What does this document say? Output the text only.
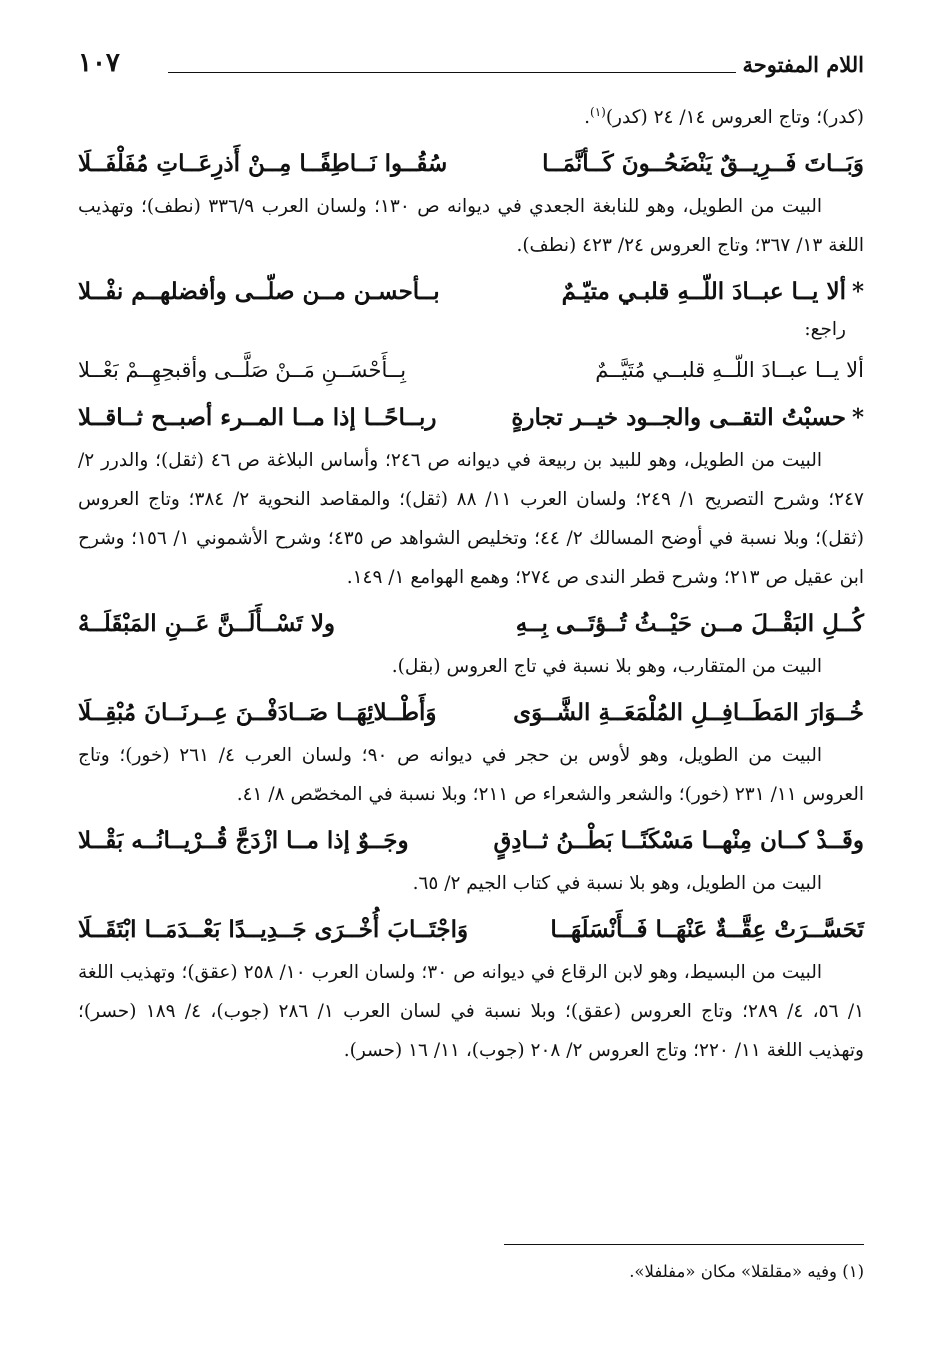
اللام المفتوحة
١٠٧

(كدر)؛ وتاج العروس ١٤/ ٢٤ (كدر)$^{(١)}$.

وَبَــاتَ فَــرِيــقٌ يَنْضَحُــونَ كَــأنَّمَــا
سُقُــوا نَــاطِفًــا مِــنْ أَذرِعَــاتِ مُفَلْفَــلَا

البيت من الطويل، وهو للنابغة الجعدي في ديوانه ص ١٣٠؛ ولسان العرب ٣٣٦/٩ (نطف)؛ وتهذيب اللغة ١٣/ ٣٦٧؛ وتاج العروس ٢٤/ ٤٢٣ (نطف).

*ألا يــا عبــادَ اللّــهِ قلبـي متيّـمٌ
بــأحسـن مــن صلّــى وأفضلهــم نفْــلا

راجع:

ألا يــا عبــادَ اللّــهِ قلبــي مُتَيَّــمٌ
بِــأَحْسَــنِ مَــنْ صَلَّــى وأقبحِهِــمْ بَعْــلا
*حسبْتُ التقــى والجــود خيــر تجارةٍ
ربــاحًــا إذا مــا المــرء أصبــح ثــاقــلا

البيت من الطويل، وهو للبيد بن ربيعة في ديوانه ص ٢٤٦؛ وأساس البلاغة ص ٤٦ (ثقل)؛ والدرر ٢/ ٢٤٧؛ وشرح التصريح ١/ ٢٤٩؛ ولسان العرب ١١/ ٨٨ (ثقل)؛ والمقاصد النحوية ٢/ ٣٨٤؛ وتاج العروس (ثقل)؛ وبلا نسبة في أوضح المسالك ٢/ ٤٤؛ وتخليص الشواهد ص ٤٣٥؛ وشرح الأشموني ١/ ١٥٦؛ وشرح ابن عقيل ص ٢١٣؛ وشرح قطر الندى ص ٢٧٤؛ وهمع الهوامع ١/ ١٤٩.

كُــلِ البَقْــلَ مــن حَيْــثُ تُــؤتَــى بِــهِ
ولا تَسْــأَلَــنَّ عَــنِ المَبْقَلَــهْ

البيت من المتقارب، وهو بلا نسبة في تاج العروس (بقل).

خُــوَارَ المَطَــافِــلِ المُلْمَعَــةِ الشَّــوَى
وَأَطْــلائِهَــا صَــادَفْــنَ عِــرنَــانَ مُبْقِــلَا

البيت من الطويل، وهو لأوس بن حجر في ديوانه ص ٩٠؛ ولسان العرب ٤/ ٢٦١ (خور)؛ وتاج العروس ١١/ ٢٣١ (خور)؛ والشعر والشعراء ص ٢١١؛ وبلا نسبة في المخصّص ٨/ ٤١.

وقَــدْ كــان مِنْهــا مَسْكَنًــا بَطْــنُ ثــادِقٍ
وجَــوٌ إذا مــا ازْدَجَّ قُــرْيــانُــه بَقْــلا

البيت من الطويل، وهو بلا نسبة في كتاب الجيم ٢/ ٦٥.

تَحَسَّــرَتْ عِقَّــةٌ عَنْهَــا فَــأَنْسَلَهَــا
وَاجْتَــابَ أُخْــرَى جَــدِيــدًا بَعْــدَمَــا ابْتَقَــلَا

البيت من البسيط، وهو لابن الرقاع في ديوانه ص ٣٠؛ ولسان العرب ١٠/ ٢٥٨ (عقق)؛ وتهذيب اللغة ١/ ٥٦، ٤/ ٢٨٩؛ وتاج العروس (عقق)؛ وبلا نسبة في لسان العرب ١/ ٢٨٦ (جوب)، ٤/ ١٨٩ (حسر)؛ وتهذيب اللغة ١١/ ٢٢٠؛ وتاج العروس ٢/ ٢٠٨ (جوب)، ١١/ ١٦ (حسر).

(١) وفيه «مقلقلا» مكان «مفلفلا».
